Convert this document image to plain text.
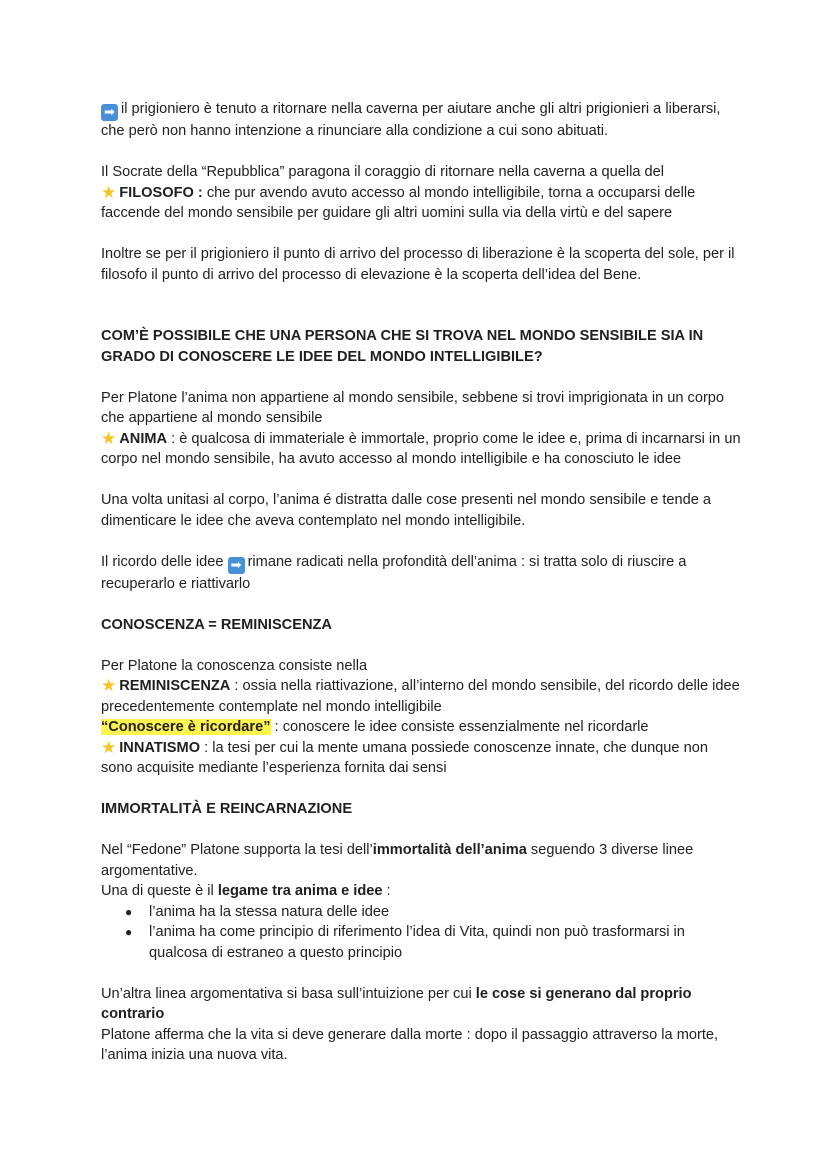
➡ il prigioniero è tenuto a ritornare nella caverna per aiutare anche gli altri prigionieri a liberarsi, che però non hanno intenzione a rinunciare alla condizione a cui sono abituati.

Il Socrate della “Repubblica” paragona il coraggio di ritornare nella caverna a quella del
★ FILOSOFO : che pur avendo avuto accesso al mondo intelligibile, torna a occuparsi delle faccende del mondo sensibile per guidare gli altri uomini sulla via della virtù e del sapere

Inoltre se per il prigioniero il punto di arrivo del processo di liberazione è la scoperta del sole, per il filosofo il punto di arrivo del processo di elevazione è la scoperta dell’idea del Bene.

COM’È POSSIBILE CHE UNA PERSONA CHE SI TROVA NEL MONDO SENSIBILE SIA IN GRADO DI CONOSCERE LE IDEE DEL MONDO INTELLIGIBILE?

Per Platone l’anima non appartiene al mondo sensibile, sebbene si trovi imprigionata in un corpo che appartiene al mondo sensibile
★ ANIMA : è qualcosa di immateriale è immortale, proprio come le idee e, prima di incarnarsi in un corpo nel mondo sensibile, ha avuto accesso al mondo intelligibile e ha conosciuto le idee

Una volta unitasi al corpo, l’anima é distratta dalle cose presenti nel mondo sensibile e tende a dimenticare le idee che aveva contemplato nel mondo intelligibile.

Il ricordo delle idee ➡ rimane radicati nella profondità dell’anima : si tratta solo di riuscire a recuperarlo e riattivarlo

CONOSCENZA = REMINISCENZA

Per Platone la conoscenza consiste nella
★ REMINISCENZA : ossia nella riattivazione, all’interno del mondo sensibile, del ricordo delle idee precedentemente contemplate nel mondo intelligibile
“Conoscere è ricordare” : conoscere le idee consiste essenzialmente nel ricordarle
★ INNATISMO : la tesi per cui la mente umana possiede conoscenze innate, che dunque non sono acquisite mediante l’esperienza fornita dai sensi

IMMORTALITÀ E REINCARNAZIONE

Nel “Fedone” Platone supporta la tesi dell’immortalità dell’anima seguendo 3 diverse linee argomentative.
Una di queste è il legame tra anima e idee :

● l’anima ha la stessa natura delle idee
● l’anima ha come principio di riferimento l’idea di Vita, quindi non può trasformarsi in qualcosa di estraneo a questo principio

Un’altra linea argomentativa si basa sull’intuizione per cui le cose si generano dal proprio contrario
Platone afferma che la vita si deve generare dalla morte : dopo il passaggio attraverso la morte, l’anima inizia una nuova vita.
